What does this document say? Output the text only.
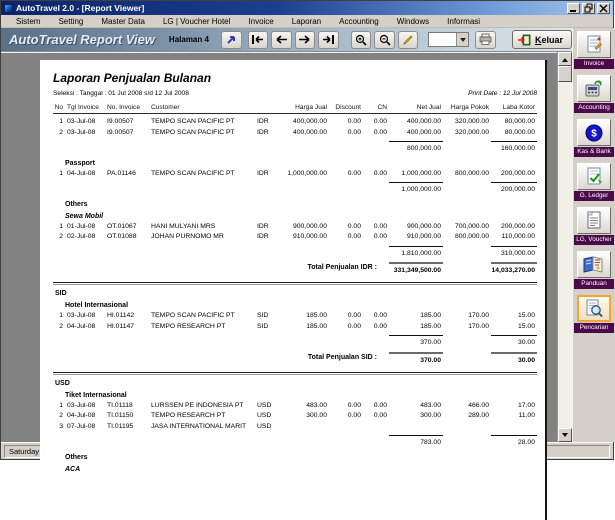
AutoTravel 2.0 - [Report Viewer]
Sistem	Setting	Master Data	LG | Voucher Hotel	Invoice	Laporan	Accounting	Windows	Informasi
AutoTravel Report View Halaman 4	Keluar
Laporan Penjualan Bulanan
Seleksi : Tanggal : 01 Jul 2008 s/d 12 Jul 2008	Print Date : 12 Jul 2008
No Tgl Invoice	No. Invoice	Customer	Harga Jual	Discount	CN	Net Jual	Harga Pokok	Laba Kotor
1 03-Jul-08	I9.00507	TEMPO SCAN PACIFIC PT	IDR	400,000.00	0.00	0.00	400,000.00	320,000.00	80,000.00
2 03-Jul-08	I9.00507	TEMPO SCAN PACIFIC PT	IDR	400,000.00	0.00	0.00	400,000.00	320,000.00	80,000.00
800,000.00	160,000.00
Passport
1 04-Jul-08	PA.01146	TEMPO SCAN PACIFIC PT	IDR	1,000,000.00	0.00	0.00	1,000,000.00	800,000.00	200,000.00
1,000,000.00	200,000.00
Others
Sewa Mobil
1 01-Jul-08	OT.01067	HANI MULYANI MRS	IDR	900,000.00	0.00	0.00	900,000.00	700,000.00	200,000.00
2 02-Jul-08	OT.01088	JOHAN PURNOMO MR	IDR	910,000.00	0.00	0.00	910,000.00	800,000.00	110,000.00
1,810,000.00	310,000.00
Total Penjualan IDR :	331,349,500.00	14,033,270.00
SID
Hotel Internasional
1 03-Jul-08	HI.01142	TEMPO SCAN PACIFIC PT	SID	185.00	0.00	0.00	185.00	170.00	15.00
2 04-Jul-08	HI.01147	TEMPO RESEARCH PT	SID	185.00	0.00	0.00	185.00	170.00	15.00
370.00	30.00
Total Penjualan SID :	370.00	30.00
USD
Tiket Internasional
1 03-Jul-08	TI.01118	LURSSEN PE INDONESIA PT	USD	483.00	0.00	0.00	483.00	466.00	17.00
2 04-Jul-08	TI.01150	TEMPO RESEARCH PT	USD	300.00	0.00	0.00	300.00	289.00	11.00
3 07-Jul-08	TI.01195	JASA INTERNATIONAL MARIT	USD
783.00	28.00
Others
ACA
Invoice
Accounting
$
Kas & Bank
G. Ledger
LG, Voucher
Panduan
Pencarian
Saturday
